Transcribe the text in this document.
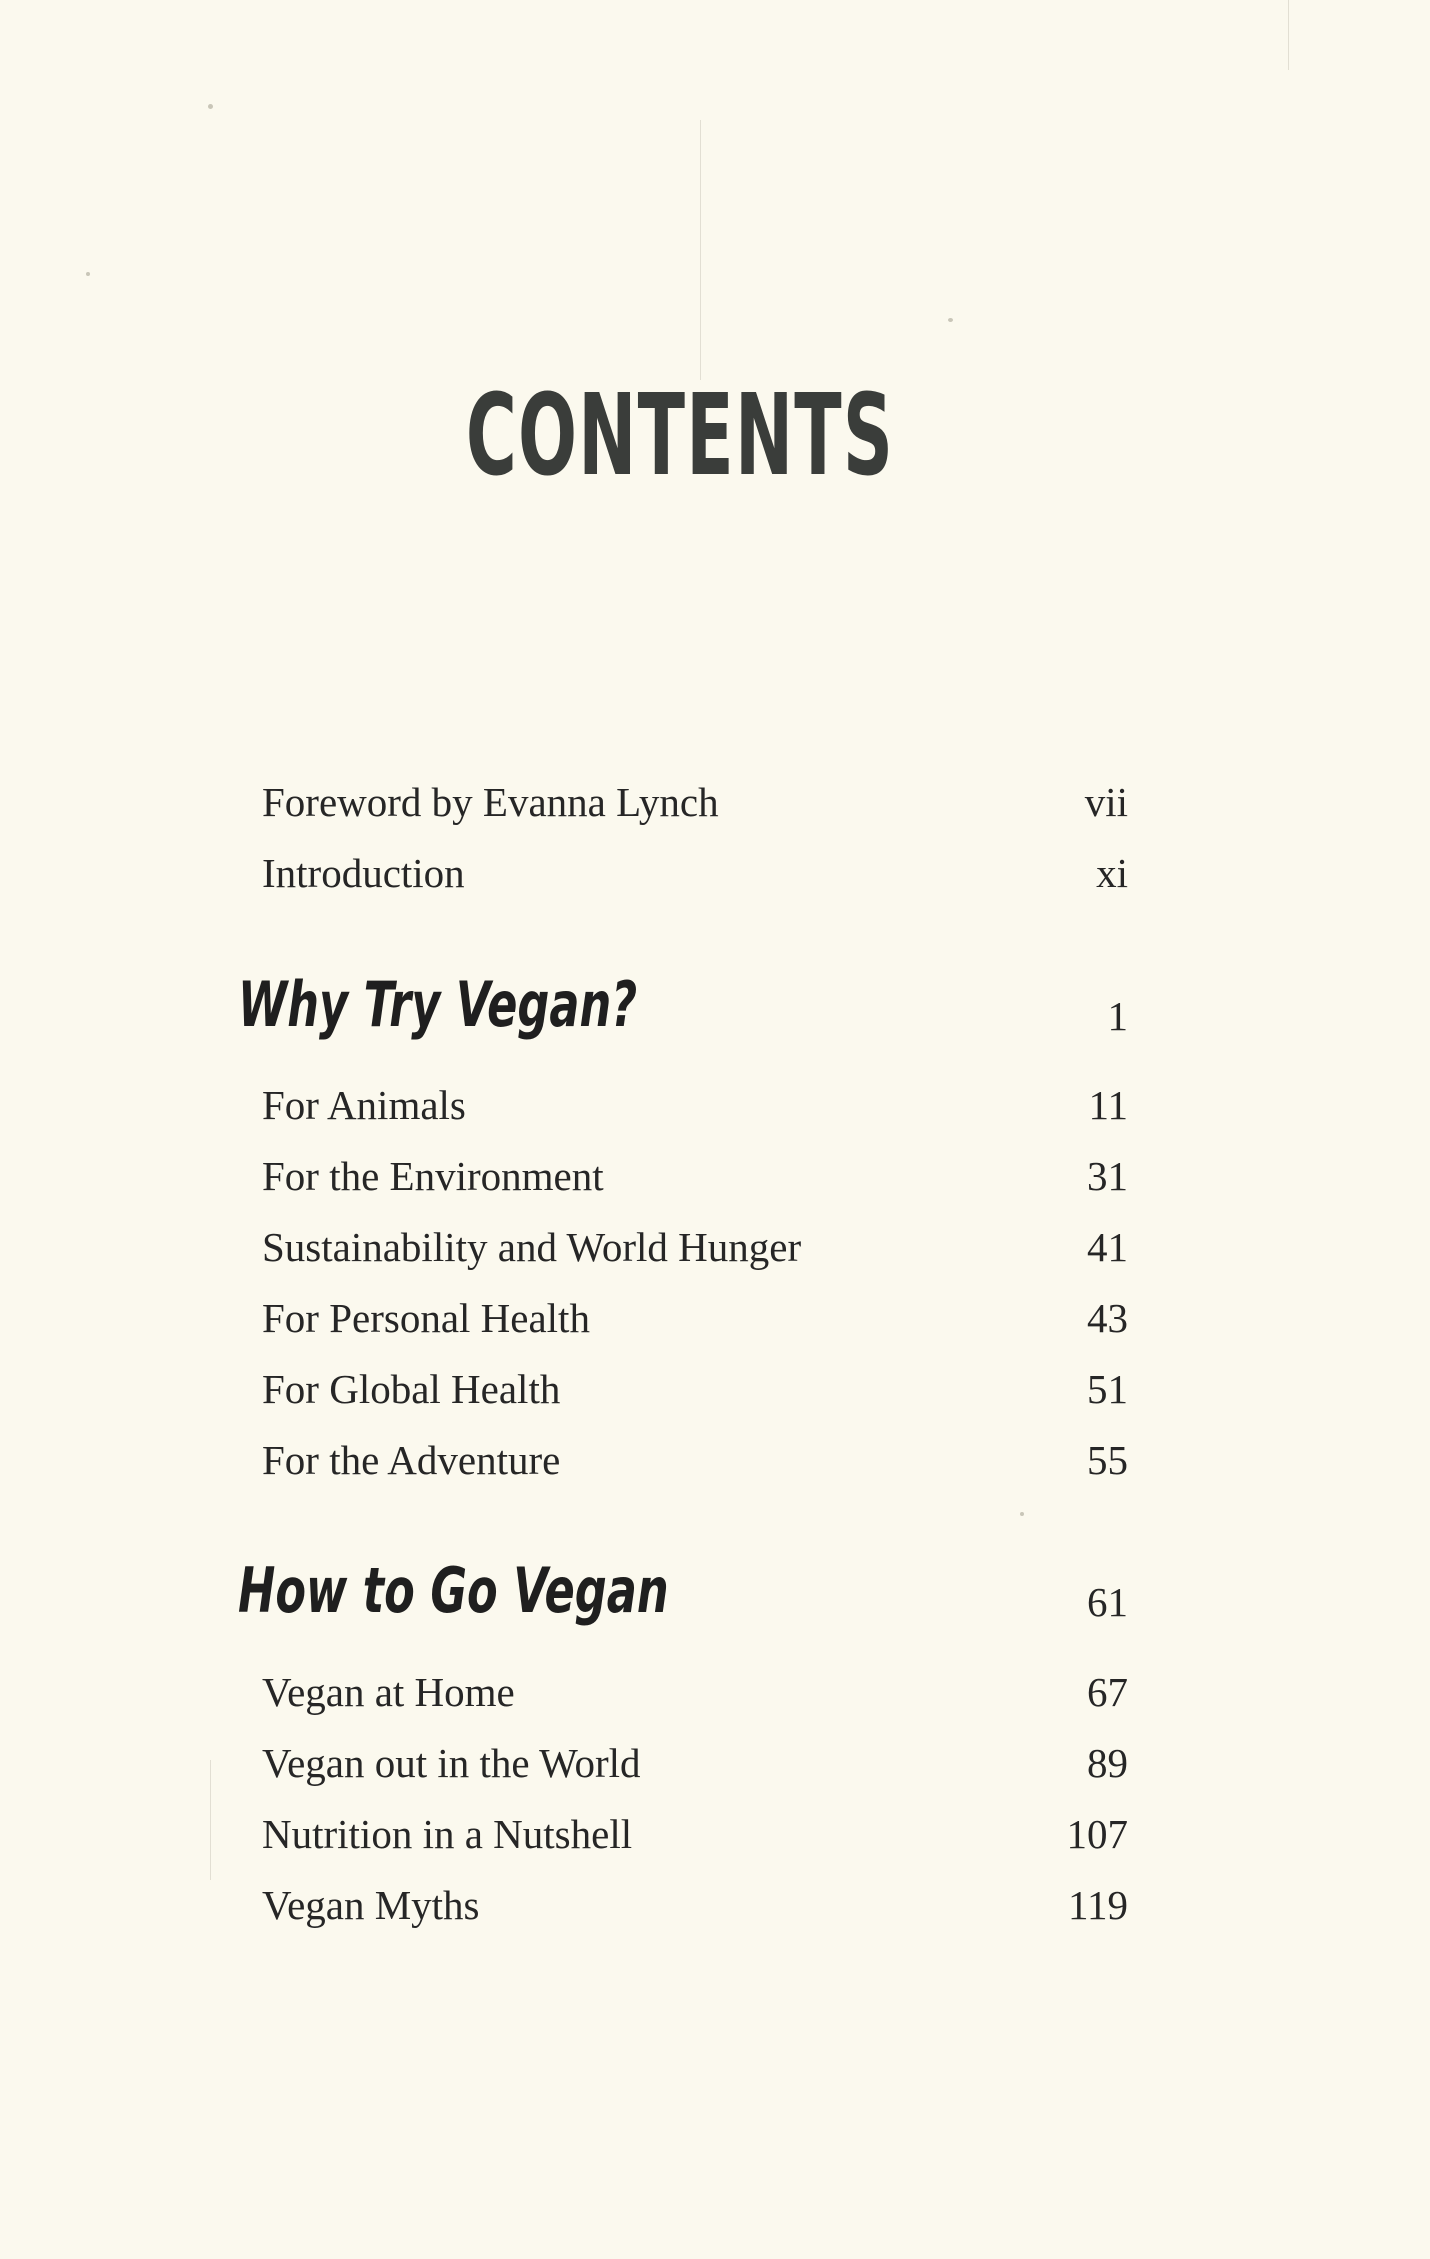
CONTENTS
Foreword by Evanna Lynch	vii
Introduction	xi
Why Try Vegan?	1
For Animals	11
For the Environment	31
Sustainability and World Hunger	41
For Personal Health	43
For Global Health	51
For the Adventure	55
How to Go Vegan	61
Vegan at Home	67
Vegan out in the World	89
Nutrition in a Nutshell	107
Vegan Myths	119
